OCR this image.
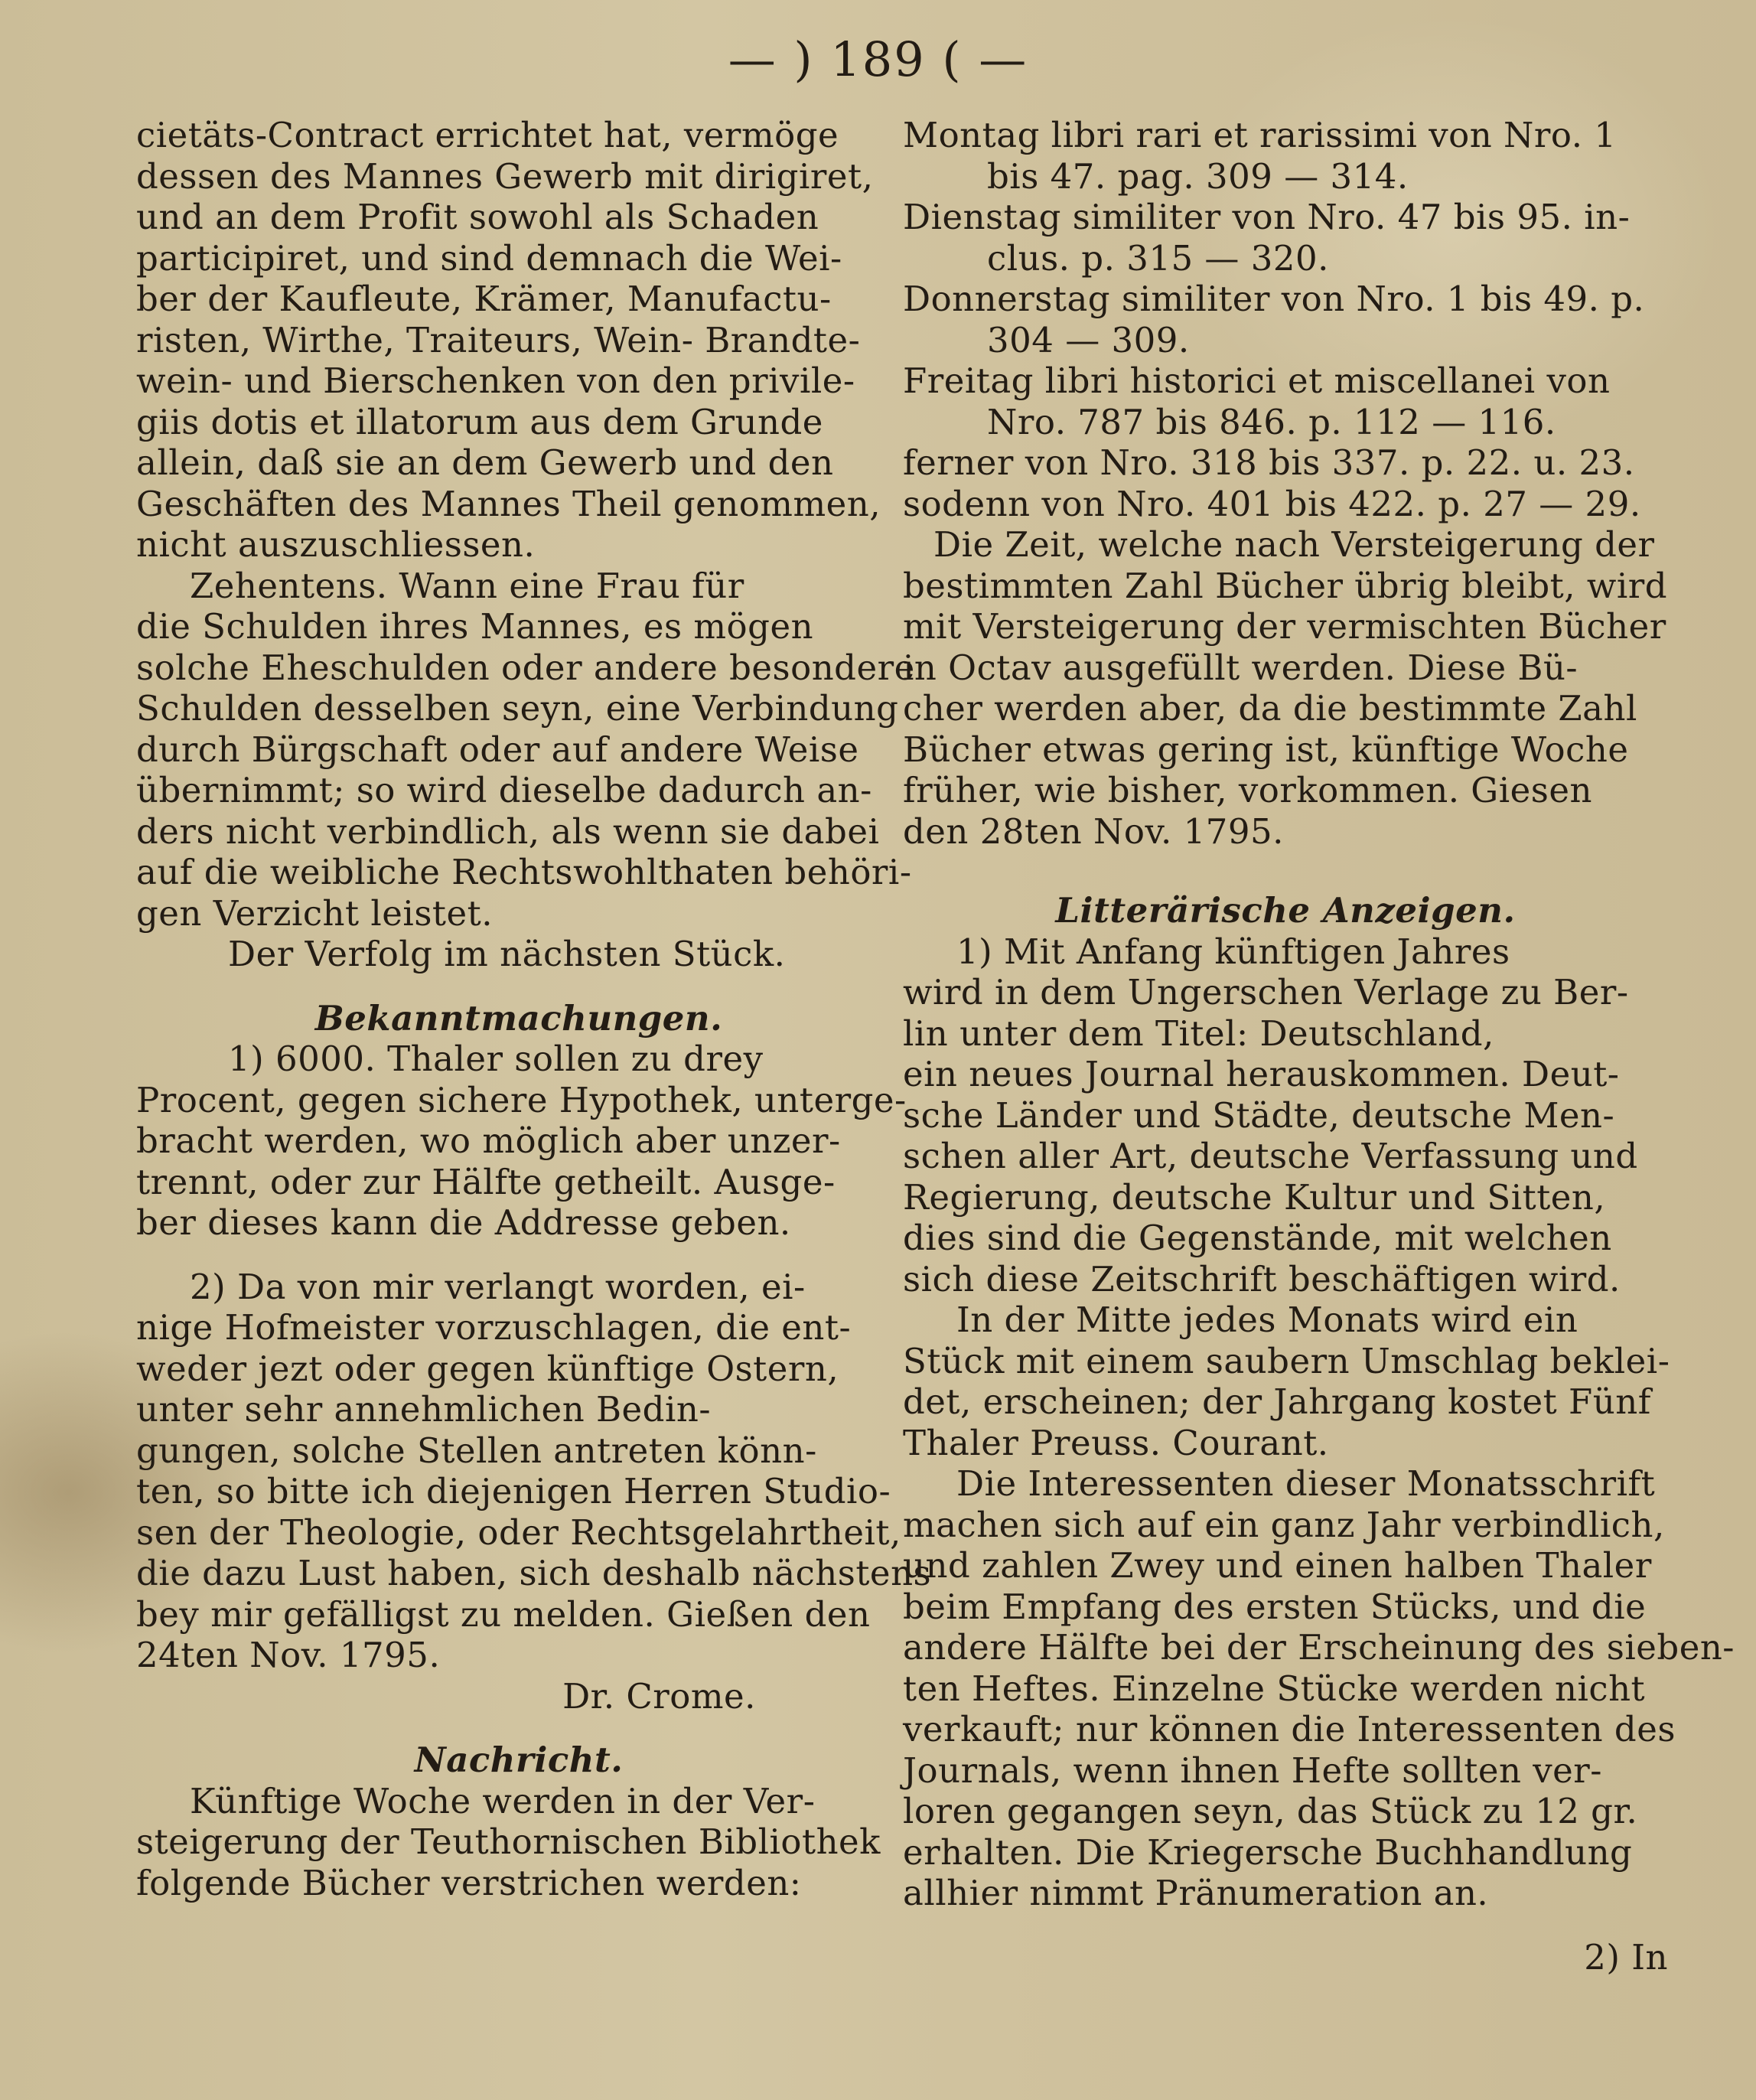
— ) 189 ( —
cietäts-Contract errichtet hat, vermöge
dessen des Mannes Gewerb mit dirigiret,
und an dem Profit sowohl als Schaden
participiret, und sind demnach die Wei-
ber der Kaufleute, Krämer, Manufactu-
risten, Wirthe, Traiteurs, Wein- Brandte-
wein- und Bierschenken von den privile-
giis dotis et illatorum aus dem Grunde
allein, daß sie an dem Gewerb und den
Geschäften des Mannes Theil genommen,
nicht auszuschliessen.
Zehentens. Wann eine Frau für
die Schulden ihres Mannes, es mögen
solche Eheschulden oder andere besondere
Schulden desselben seyn, eine Verbindung
durch Bürgschaft oder auf andere Weise
übernimmt; so wird dieselbe dadurch an-
ders nicht verbindlich, als wenn sie dabei
auf die weibliche Rechtswohlthaten behöri-
gen Verzicht leistet.
Der Verfolg im nächsten Stück.
Bekanntmachungen.
1) 6000. Thaler sollen zu drey
Procent, gegen sichere Hypothek, unterge-
bracht werden, wo möglich aber unzer-
trennt, oder zur Hälfte getheilt. Ausge-
ber dieses kann die Addresse geben.
2) Da von mir verlangt worden, ei-
nige Hofmeister vorzuschlagen, die ent-
weder jezt oder gegen künftige Ostern,
unter sehr annehmlichen Bedin-
gungen, solche Stellen antreten könn-
ten, so bitte ich diejenigen Herren Studio-
sen der Theologie, oder Rechtsgelahrtheit,
die dazu Lust haben, sich deshalb nächstens
bey mir gefälligst zu melden. Gießen den
24ten Nov. 1795.
Dr. Crome.
Nachricht.
Künftige Woche werden in der Ver-
steigerung der Teuthornischen Bibliothek
folgende Bücher verstrichen werden:
Montag libri rari et rarissimi von Nro. 1
bis 47. pag. 309 — 314.
Dienstag similiter von Nro. 47 bis 95. in-
clus. p. 315 — 320.
Donnerstag similiter von Nro. 1 bis 49. p.
304 — 309.
Freitag libri historici et miscellanei von
Nro. 787 bis 846. p. 112 — 116.
ferner von Nro. 318 bis 337. p. 22. u. 23.
sodenn von Nro. 401 bis 422. p. 27 — 29.
Die Zeit, welche nach Versteigerung der
bestimmten Zahl Bücher übrig bleibt, wird
mit Versteigerung der vermischten Bücher
in Octav ausgefüllt werden. Diese Bü-
cher werden aber, da die bestimmte Zahl
Bücher etwas gering ist, künftige Woche
früher, wie bisher, vorkommen. Giesen
den 28ten Nov. 1795.
Litterärische Anzeigen.
1) Mit Anfang künftigen Jahres
wird in dem Ungerschen Verlage zu Ber-
lin unter dem Titel: Deutschland,
ein neues Journal herauskommen. Deut-
sche Länder und Städte, deutsche Men-
schen aller Art, deutsche Verfassung und
Regierung, deutsche Kultur und Sitten,
dies sind die Gegenstände, mit welchen
sich diese Zeitschrift beschäftigen wird.
In der Mitte jedes Monats wird ein
Stück mit einem saubern Umschlag beklei-
det, erscheinen; der Jahrgang kostet Fünf
Thaler Preuss. Courant.
Die Interessenten dieser Monatsschrift
machen sich auf ein ganz Jahr verbindlich,
und zahlen Zwey und einen halben Thaler
beim Empfang des ersten Stücks, und die
andere Hälfte bei der Erscheinung des sieben-
ten Heftes. Einzelne Stücke werden nicht
verkauft; nur können die Interessenten des
Journals, wenn ihnen Hefte sollten ver-
loren gegangen seyn, das Stück zu 12 gr.
erhalten. Die Kriegersche Buchhandlung
allhier nimmt Pränumeration an.
2) In
